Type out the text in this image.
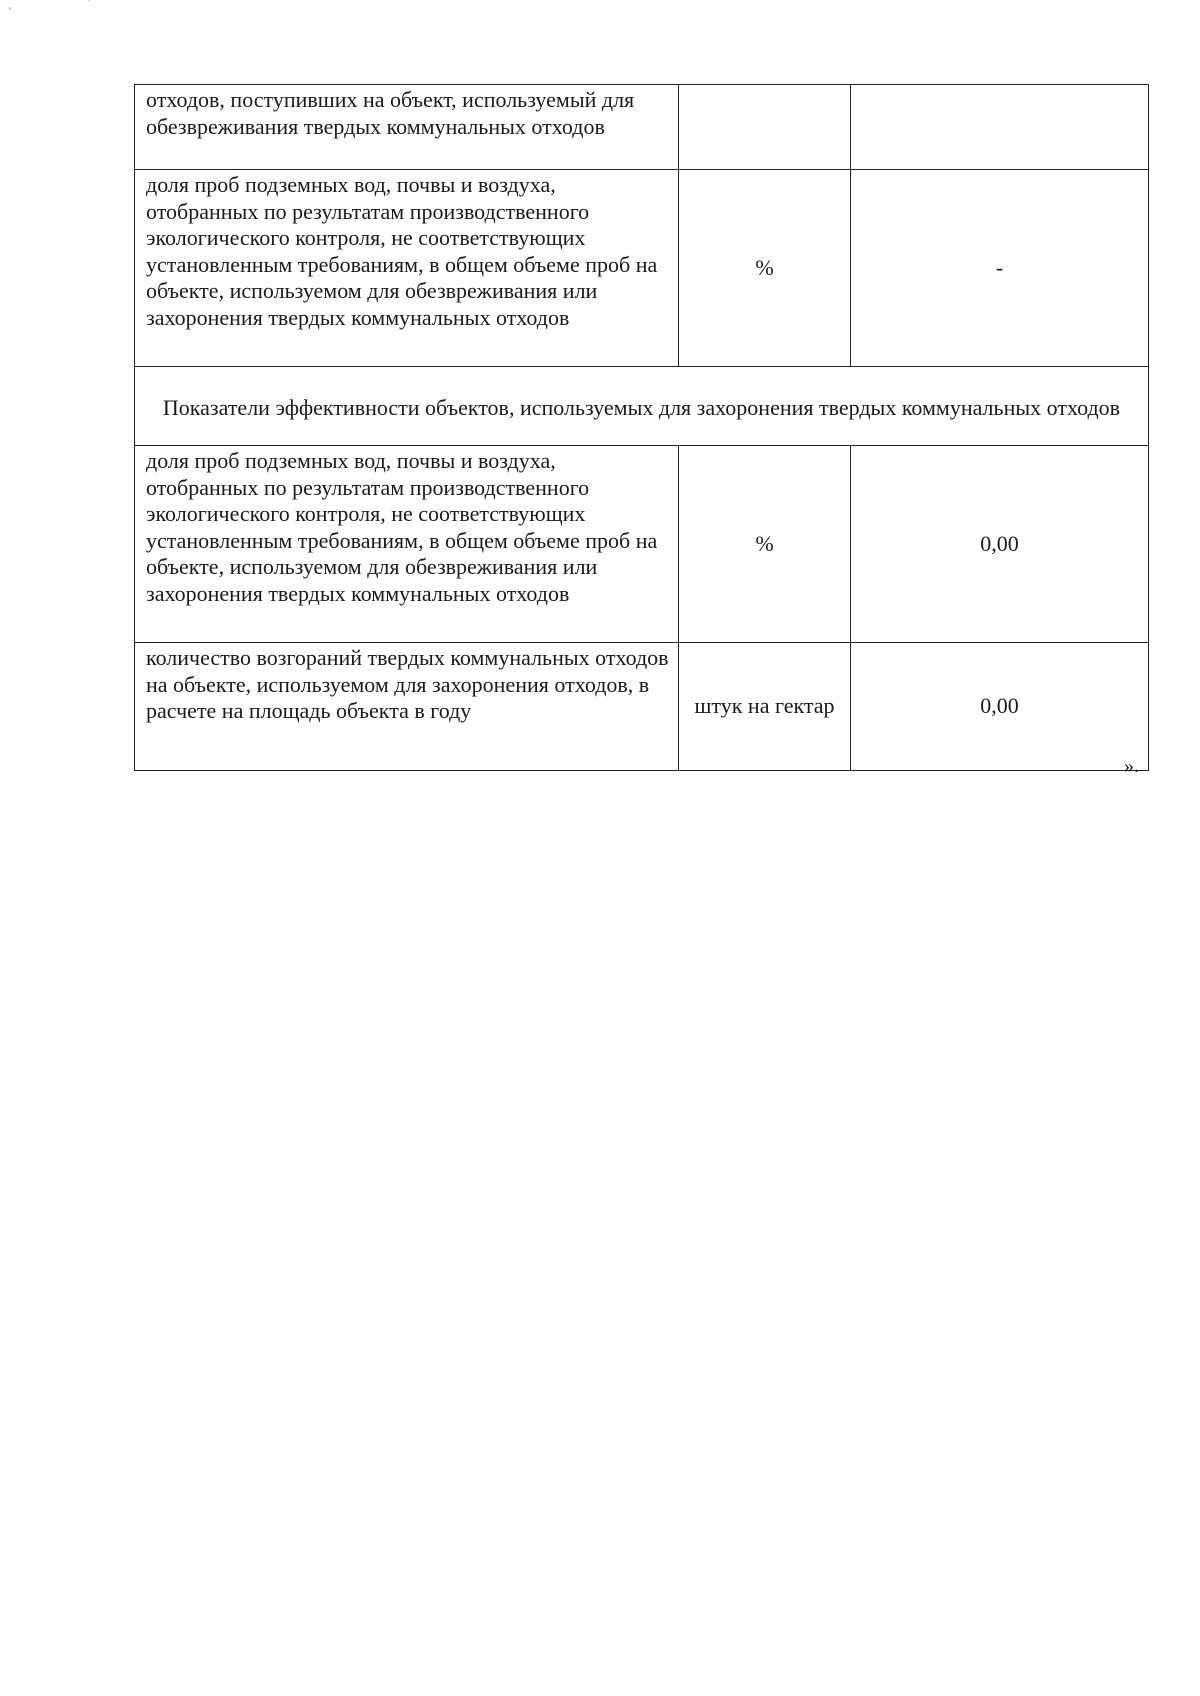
"
'
отходов, поступивших на объект, используемый для обезвреживания твердых коммунальных отходов		
доля проб подземных вод, почвы и воздуха, отобранных по результатам производственного экологического контроля, не соответствующих установленным требованиям, в общем объеме проб на объекте, используемом для обезвреживания или захоронения твердых коммунальных отходов	%	-
Показатели эффективности объектов, используемых для захоронения твердых коммунальных отходов		
доля проб подземных вод, почвы и воздуха, отобранных по результатам производственного экологического контроля, не соответствующих установленным требованиям, в общем объеме проб на объекте, используемом для обезвреживания или захоронения твердых коммунальных отходов	%	0,00
количество возгораний твердых коммунальных отходов на объекте, используемом для захоронения отходов, в расчете на площадь объекта в году	штук на гектар	0,00
».
